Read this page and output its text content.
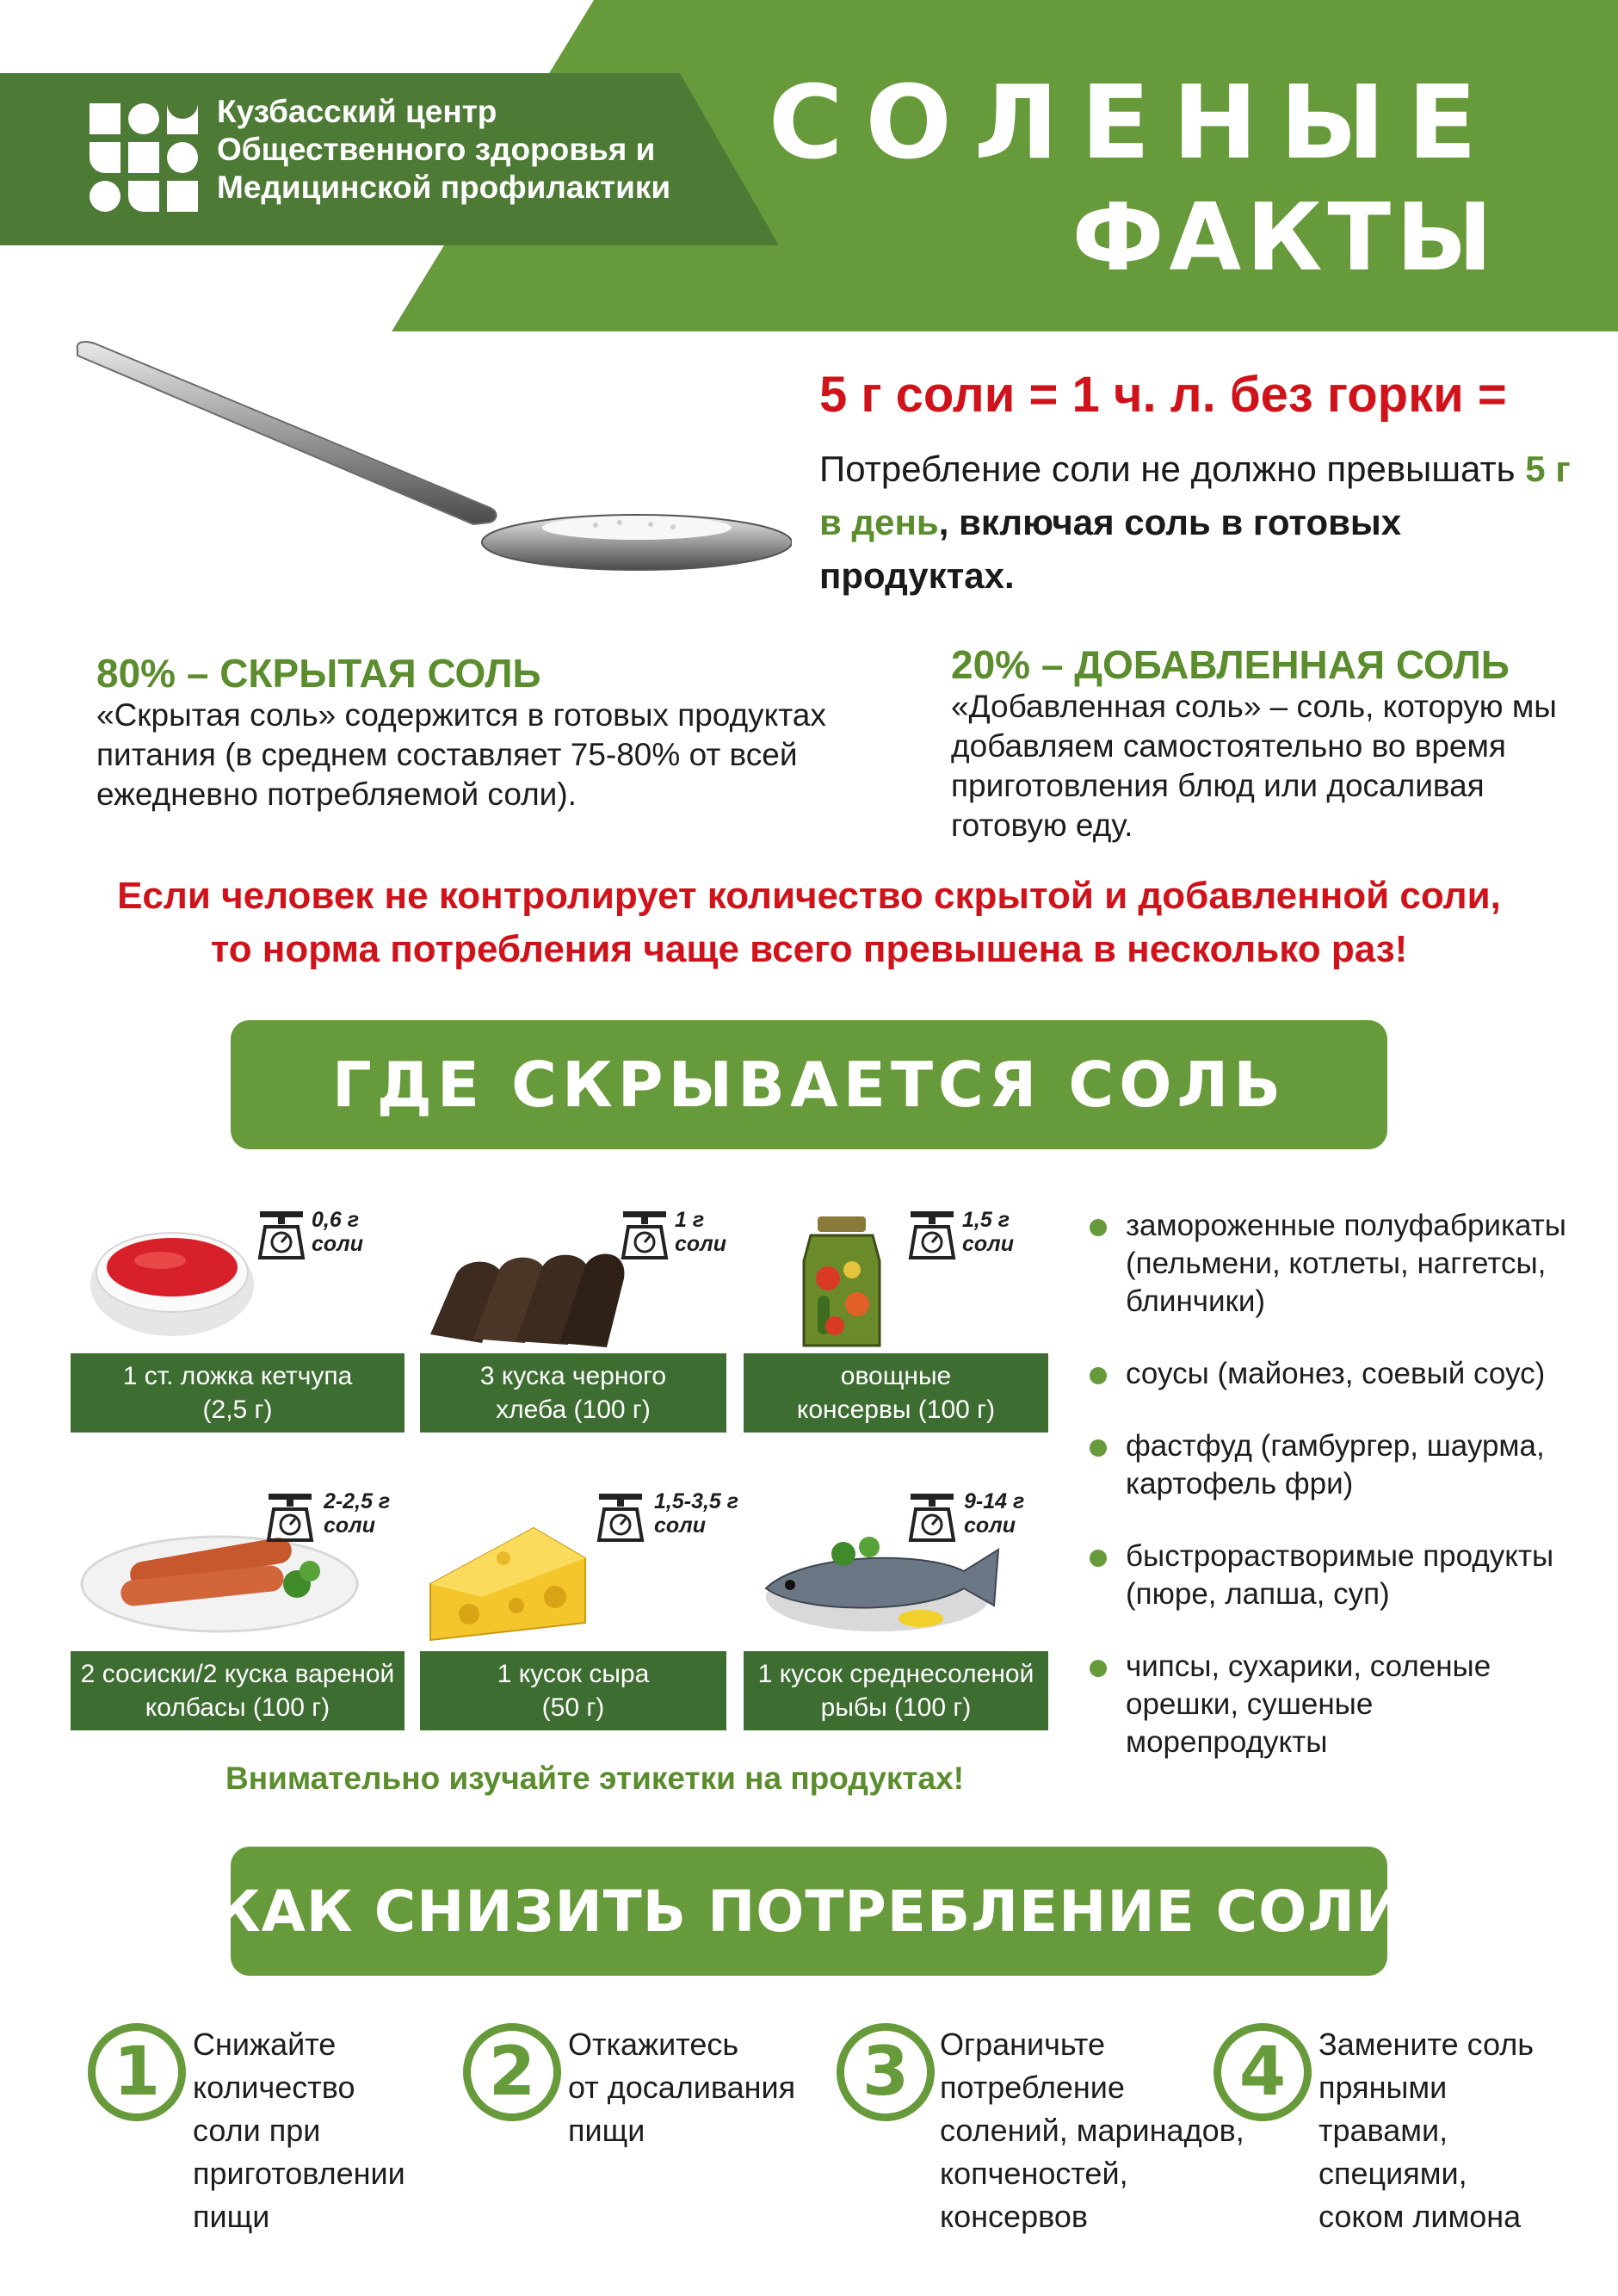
Кузбасский центр
Общественного здоровья и
Медицинской профилактики
СОЛЕНЫЕ
ФАКТЫ
5 г соли = 1 ч. л. без горки =
Потребление соли не должно превышать 5 г в день, включая соль в готовых продуктах.
80% – СКРЫТАЯ СОЛЬ
«Скрытая соль» содержится в готовых продуктах питания (в среднем составляет 75-80% от всей ежедневно потребляемой соли).
20% – ДОБАВЛЕННАЯ СОЛЬ
«Добавленная соль» – соль, которую мы добавляем самостоятельно во время приготовления блюд или досаливая готовую еду.
Если человек не контролирует количество скрытой и добавленной соли,
то норма потребления чаще всего превышена в несколько раз!
ГДЕ СКРЫВАЕТСЯ СОЛЬ
0,6 г
соли
1 ст. ложка кетчупа
(2,5 г)
1 г
соли
3 куска черного
хлеба (100 г)
1,5 г
соли
овощные
консервы (100 г)
2-2,5 г
соли
2 сосиски/2 куска вареной
колбасы (100 г)
1,5-3,5 г
соли
1 кусок сыра
(50 г)
9-14 г
соли
1 кусок среднесоленой
рыбы (100 г)
замороженные полуфабрикаты
(пельмени, котлеты, наггетсы,
блинчики)
соусы (майонез, соевый соус)
фастфуд (гамбургер, шаурма,
картофель фри)
быстрорастворимые продукты
(пюре, лапша, суп)
чипсы, сухарики, соленые
орешки, сушеные
морепродукты
Внимательно изучайте этикетки на продуктах!
КАК СНИЗИТЬ ПОТРЕБЛЕНИЕ СОЛИ
1	Снижайте
количество
соли при
приготовлении
пищи
2	Откажитесь
от досаливания
пищи
3 Ограничьте
потребление
солений, маринадов,
копченостей,
консервов
4	Замените соль
пряными
травами,
специями,
соком лимона
